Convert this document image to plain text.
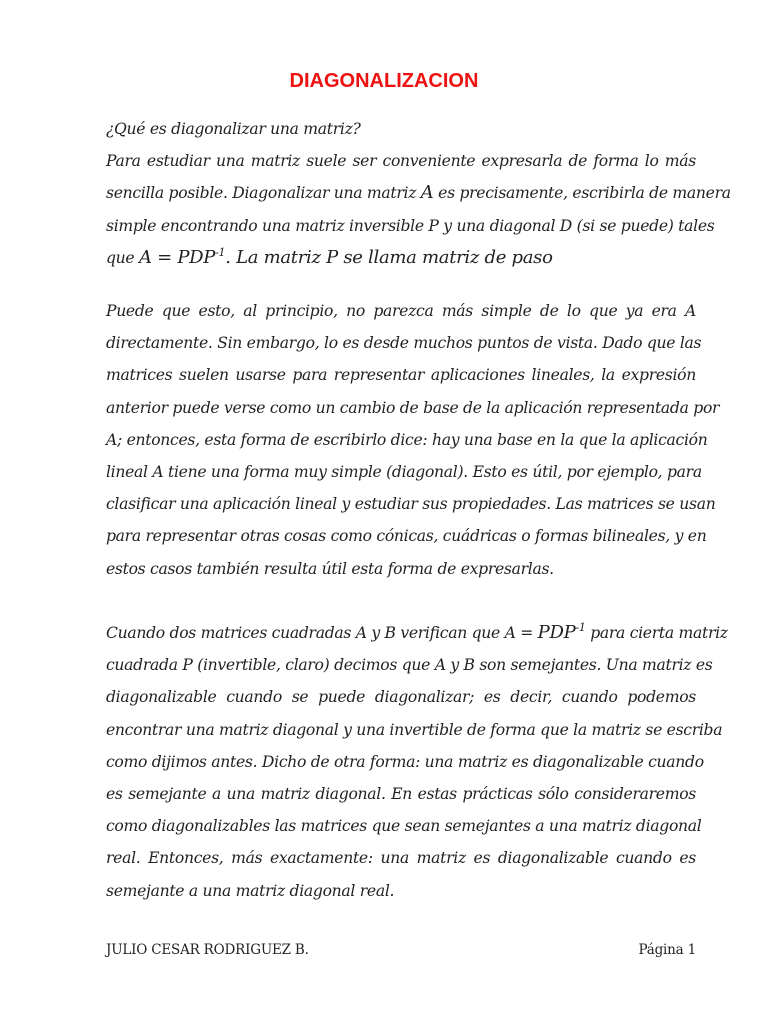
DIAGONALIZACION
¿Qué es diagonalizar una matriz?
Para estudiar una matriz suele ser conveniente expresarla de forma lo más
sencilla posible. Diagonalizar una matriz A es precisamente, escribirla de manera
simple encontrando una matriz inversible P y una diagonal D (si se puede) tales
que $A = PDP^{-1}$. La matriz P se llama matriz de paso
Puede que esto, al principio, no parezca más simple de lo que ya era A
directamente. Sin embargo, lo es desde muchos puntos de vista. Dado que las
matrices suelen usarse para representar aplicaciones lineales, la expresión
anterior puede verse como un cambio de base de la aplicación representada por
A; entonces, esta forma de escribirlo dice: hay una base en la que la aplicación
lineal A tiene una forma muy simple (diagonal). Esto es útil, por ejemplo, para
clasificar una aplicación lineal y estudiar sus propiedades. Las matrices se usan
para representar otras cosas como cónicas, cuádricas o formas bilineales, y en
estos casos también resulta útil esta forma de expresarlas.
Cuando dos matrices cuadradas A y B verifican que $A = PDP^{-1}$ para cierta matriz
cuadrada P (invertible, claro) decimos que A y B son semejantes. Una matriz es
diagonalizable cuando se puede diagonalizar; es decir, cuando podemos
encontrar una matriz diagonal y una invertible de forma que la matriz se escriba
como dijimos antes. Dicho de otra forma: una matriz es diagonalizable cuando
es semejante a una matriz diagonal. En estas prácticas sólo consideraremos
como diagonalizables las matrices que sean semejantes a una matriz diagonal
real. Entonces, más exactamente: una matriz es diagonalizable cuando es
semejante a una matriz diagonal real.
JULIO CESAR RODRIGUEZ B.	Página 1
